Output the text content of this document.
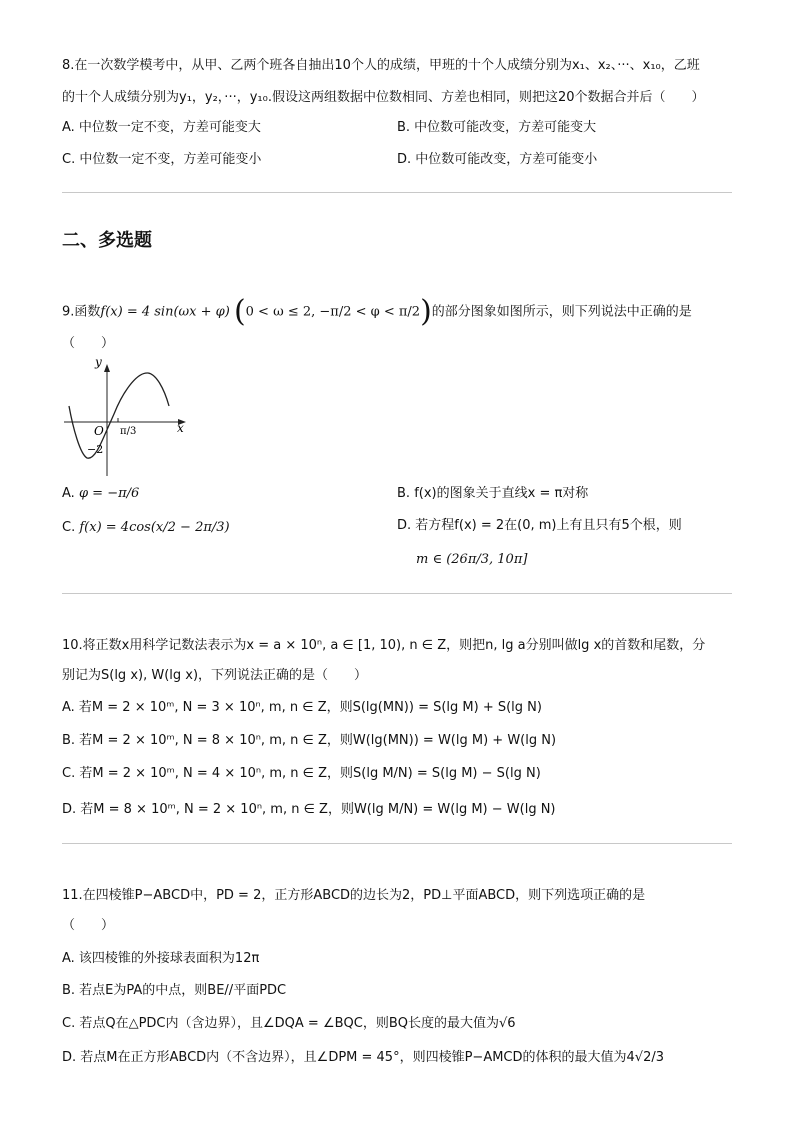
8.在一次数学模考中，从甲、乙两个班各自抽出10个人的成绩，甲班的十个人成绩分别为x₁、x₂、···、x₁₀，乙班
的十个人成绩分别为y₁，y₂，···，y₁₀.假设这两组数据中位数相同、方差也相同，则把这20个数据合并后（　　）
A. 中位数一定不变，方差可能变大	B. 中位数可能改变，方差可能变大
C. 中位数一定不变，方差可能变小	D. 中位数可能改变，方差可能变小
二、多选题
9.函数f(x) = 4 sin(ωx + φ) (0 < ω ≤ 2, −π/2 < φ < π/2)的部分图象如图所示，则下列说法中正确的是
（　　）
y
x
O π/3
−2
A. φ = −π/6	B. f(x)的图象关于直线x = π对称
C. f(x) = 4cos(x/2 − 2π/3)	D. 若方程f(x) = 2在(0, m)上有且只有5个根，则
m ∈ (26π/3, 10π]
10.将正数x用科学记数法表示为x = a × 10ⁿ, a ∈ [1, 10), n ∈ Z，则把n, lg a分别叫做lg x的首数和尾数，分
别记为S(lg x), W(lg x)，下列说法正确的是（　　）
A. 若M = 2 × 10ᵐ, N = 3 × 10ⁿ, m, n ∈ Z，则S(lg(MN)) = S(lg M) + S(lg N)
B. 若M = 2 × 10ᵐ, N = 8 × 10ⁿ, m, n ∈ Z，则W(lg(MN)) = W(lg M) + W(lg N)
C. 若M = 2 × 10ᵐ, N = 4 × 10ⁿ, m, n ∈ Z，则S(lg M/N) = S(lg M) − S(lg N)
D. 若M = 8 × 10ᵐ, N = 2 × 10ⁿ, m, n ∈ Z，则W(lg M/N) = W(lg M) − W(lg N)
11.在四棱锥P−ABCD中，PD = 2，正方形ABCD的边长为2，PD⊥平面ABCD，则下列选项正确的是
（　　）
A. 该四棱锥的外接球表面积为12π
B. 若点E为PA的中点，则BE//平面PDC
C. 若点Q在△PDC内（含边界），且∠DQA = ∠BQC，则BQ长度的最大值为√6
D. 若点M在正方形ABCD内（不含边界），且∠DPM = 45°，则四棱锥P−AMCD的体积的最大值为4√2/3
